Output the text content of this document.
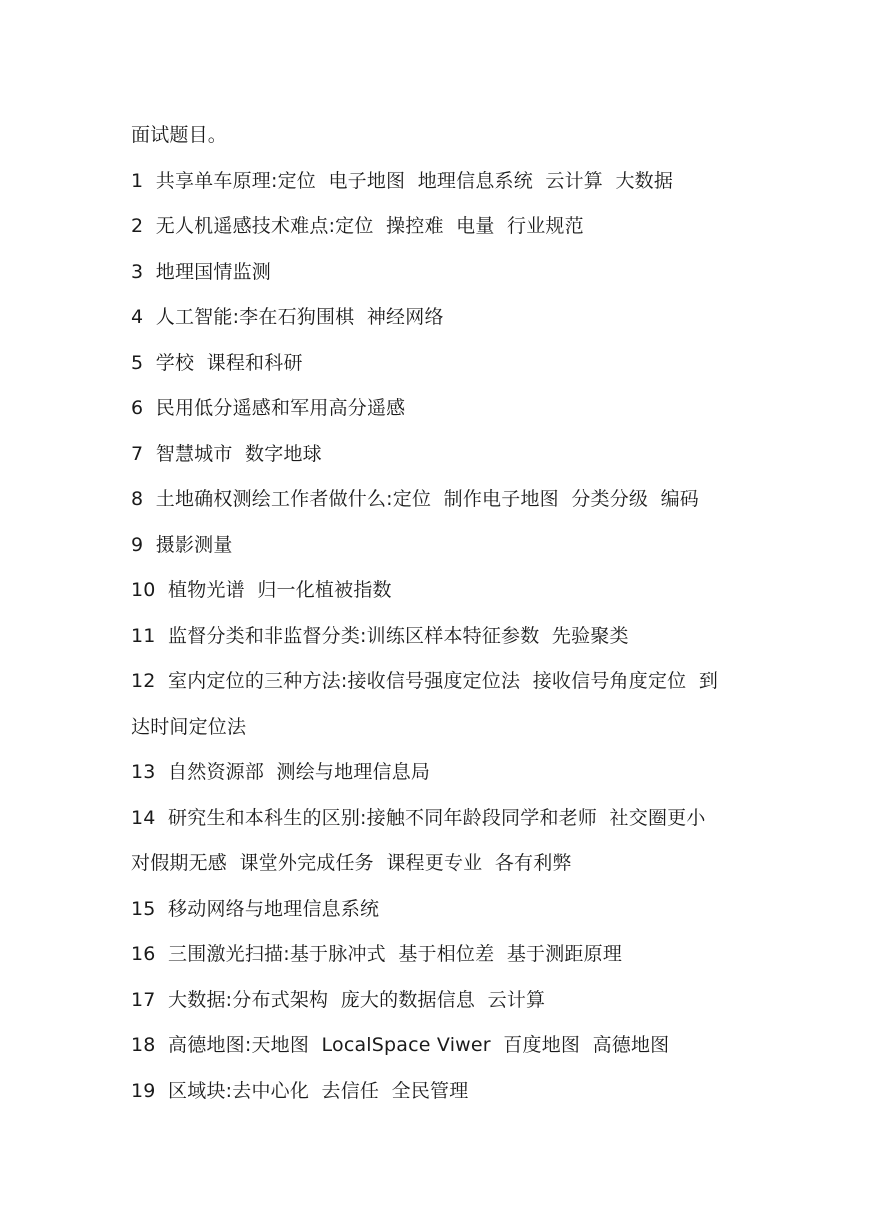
面试题目。
1  共享单车原理:定位  电子地图  地理信息系统  云计算  大数据
2  无人机遥感技术难点:定位  操控难  电量  行业规范
3  地理国情监测
4  人工智能:李在石狗围棋  神经网络
5  学校  课程和科研
6  民用低分遥感和军用高分遥感
7  智慧城市  数字地球
8  土地确权测绘工作者做什么:定位  制作电子地图  分类分级  编码
9  摄影测量
10  植物光谱  归一化植被指数
11  监督分类和非监督分类:训练区样本特征参数  先验聚类
12  室内定位的三种方法:接收信号强度定位法  接收信号角度定位  到
达时间定位法
13  自然资源部  测绘与地理信息局
14  研究生和本科生的区别:接触不同年龄段同学和老师  社交圈更小
对假期无感  课堂外完成任务  课程更专业  各有利弊
15  移动网络与地理信息系统
16  三围激光扫描:基于脉冲式  基于相位差  基于测距原理
17  大数据:分布式架构  庞大的数据信息  云计算
18  高德地图:天地图  LocalSpace Viwer  百度地图  高德地图
19  区域块:去中心化  去信任  全民管理
